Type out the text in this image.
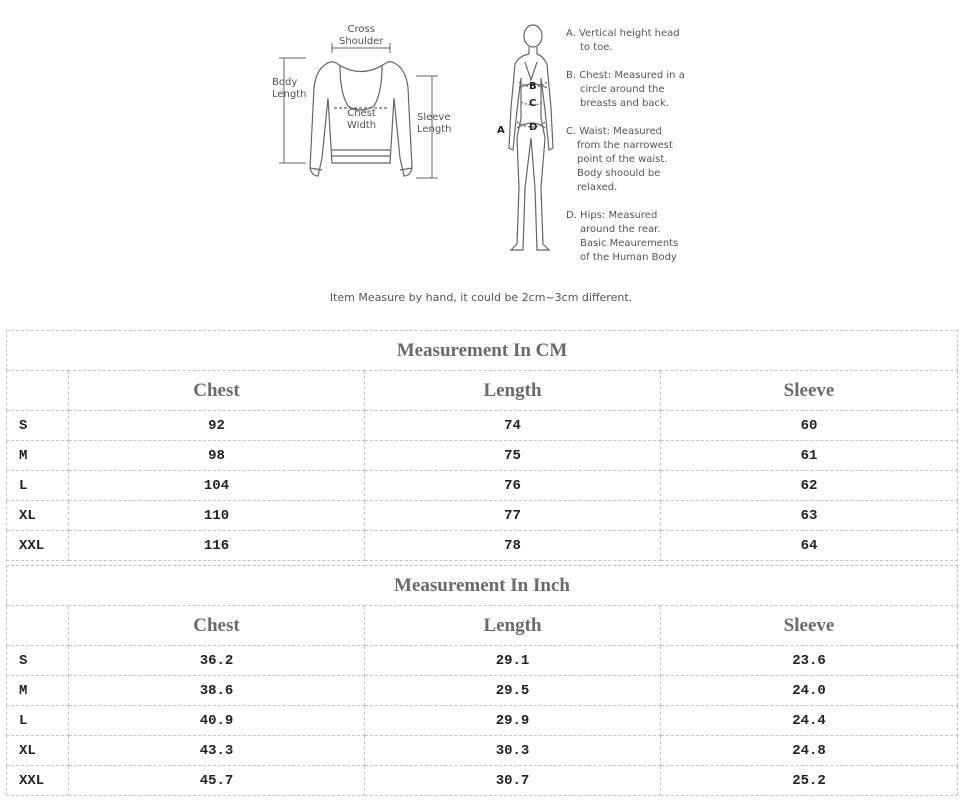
Cross
Shoulder
Body
Length
Chest
Width
Sleeve
Length
B
C
D
A
A. Vertical height head
to toe.
B. Chest: Measured in a
circle around the
breasts and back.
C. Waist: Measured
from the narrowest
point of the waist.
Body shoould be
relaxed.
D. Hips: Measured
around the rear.
Basic Meaurements
of the Human Body
Item Measure by hand, it could be 2cm~3cm different.
Measurement In CM			
	Chest	Length	Sleeve
S	92	74	60
M	98	75	61
L	104	76	62
XL	110	77	63
XXL	116	78	64
Measurement In Inch			
	Chest	Length	Sleeve
S	36.2	29.1	23.6
M	38.6	29.5	24.0
L	40.9	29.9	24.4
XL	43.3	30.3	24.8
XXL	45.7	30.7	25.2
